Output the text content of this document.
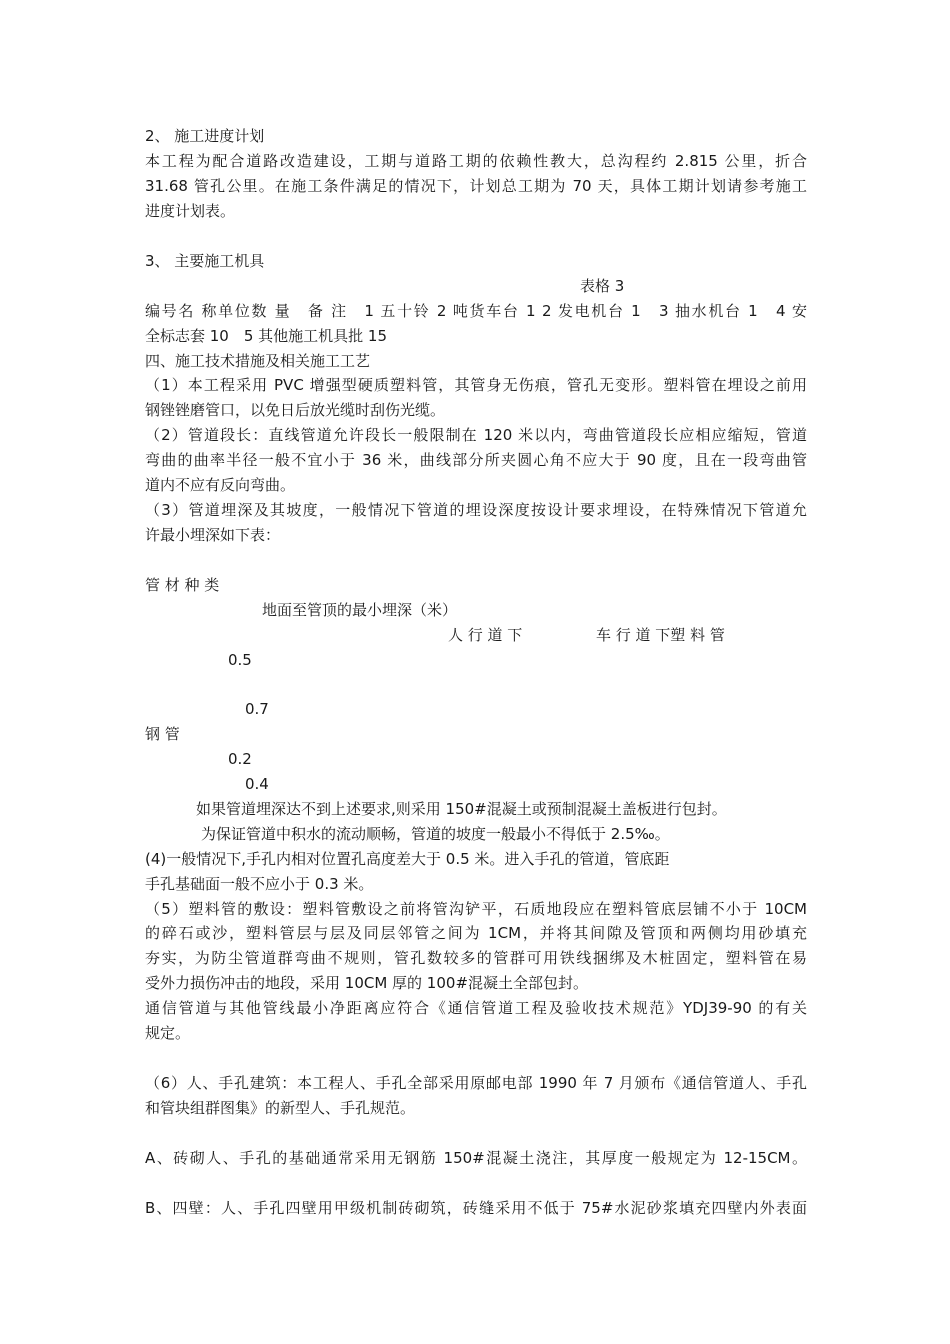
2、 施工进度计划
本工程为配合道路改造建设，工期与道路工期的依赖性教大，总沟程约 2.815 公里，折合
31.68 管孔公里。在施工条件满足的情况下，计划总工期为 70 天，具体工期计划请参考施工
进度计划表。
3、 主要施工机具
表格 3
编号名 称单位数 量　备 注　1 五十铃 2 吨货车台 1 2 发电机台 1　3 抽水机台 1　4 安
全标志套 10　5 其他施工机具批 15
四、施工技术措施及相关施工工艺
（1）本工程采用 PVC 增强型硬质塑料管，其管身无伤痕，管孔无变形。塑料管在埋设之前用
钢锉锉磨管口，以免日后放光缆时刮伤光缆。
（2）管道段长：直线管道允许段长一般限制在 120 米以内，弯曲管道段长应相应缩短，管道
弯曲的曲率半径一般不宜小于 36 米，曲线部分所夹圆心角不应大于 90 度，且在一段弯曲管
道内不应有反向弯曲。
（3）管道埋深及其坡度，一般情况下管道的埋设深度按设计要求埋设，在特殊情况下管道允
许最小埋深如下表：
管 材 种 类
地面至管顶的最小埋深（米）
人 行 道 下	车 行 道 下塑 料 管
0.5
0.7
钢 管
0.2
0.4
如果管道埋深达不到上述要求,则采用 150#混凝土或预制混凝土盖板进行包封。
为保证管道中积水的流动顺畅，管道的坡度一般最小不得低于 2.5‰。
(4)一般情况下,手孔内相对位置孔高度差大于 0.5 米。进入手孔的管道，管底距
手孔基础面一般不应小于 0.3 米。
（5）塑料管的敷设：塑料管敷设之前将管沟铲平，石质地段应在塑料管底层铺不小于 10CM
的碎石或沙，塑料管层与层及同层邻管之间为 1CM，并将其间隙及管顶和两侧均用砂填充
夯实，为防尘管道群弯曲不规则，管孔数较多的管群可用铁线捆绑及木桩固定，塑料管在易
受外力损伤冲击的地段，采用 10CM 厚的 100#混凝土全部包封。
通信管道与其他管线最小净距离应符合《通信管道工程及验收技术规范》YDJ39-90 的有关
规定。
（6）人、手孔建筑：本工程人、手孔全部采用原邮电部 1990 年 7 月颁布《通信管道人、手孔
和管块组群图集》的新型人、手孔规范。
A、砖砌人、手孔的基础通常采用无钢筋 150#混凝土浇注，其厚度一般规定为 12-15CM。
B、四壁：人、手孔四壁用甲级机制砖砌筑，砖缝采用不低于 75#水泥砂浆填充四壁内外表面
